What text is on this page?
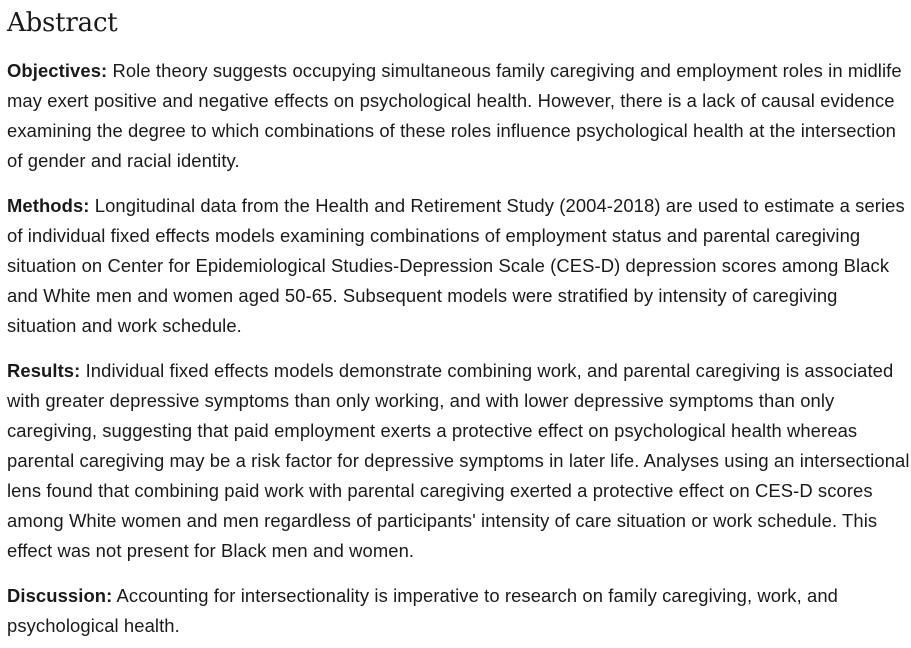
Abstract

Objectives: Role theory suggests occupying simultaneous family caregiving and employment roles in midlife may exert positive and negative effects on psychological health. However, there is a lack of causal evidence examining the degree to which combinations of these roles influence psychological health at the intersection of gender and racial identity.

Methods: Longitudinal data from the Health and Retirement Study (2004-2018) are used to estimate a series of individual fixed effects models examining combinations of employment status and parental caregiving situation on Center for Epidemiological Studies-Depression Scale (CES-D) depression scores among Black and White men and women aged 50-65. Subsequent models were stratified by intensity of caregiving situation and work schedule.

Results: Individual fixed effects models demonstrate combining work, and parental caregiving is associated with greater depressive symptoms than only working, and with lower depressive symptoms than only caregiving, suggesting that paid employment exerts a protective effect on psychological health whereas parental caregiving may be a risk factor for depressive symptoms in later life. Analyses using an intersectional lens found that combining paid work with parental caregiving exerted a protective effect on CES-D scores among White women and men regardless of participants' intensity of care situation or work schedule. This effect was not present for Black men and women.

Discussion: Accounting for intersectionality is imperative to research on family caregiving, work, and psychological health.
